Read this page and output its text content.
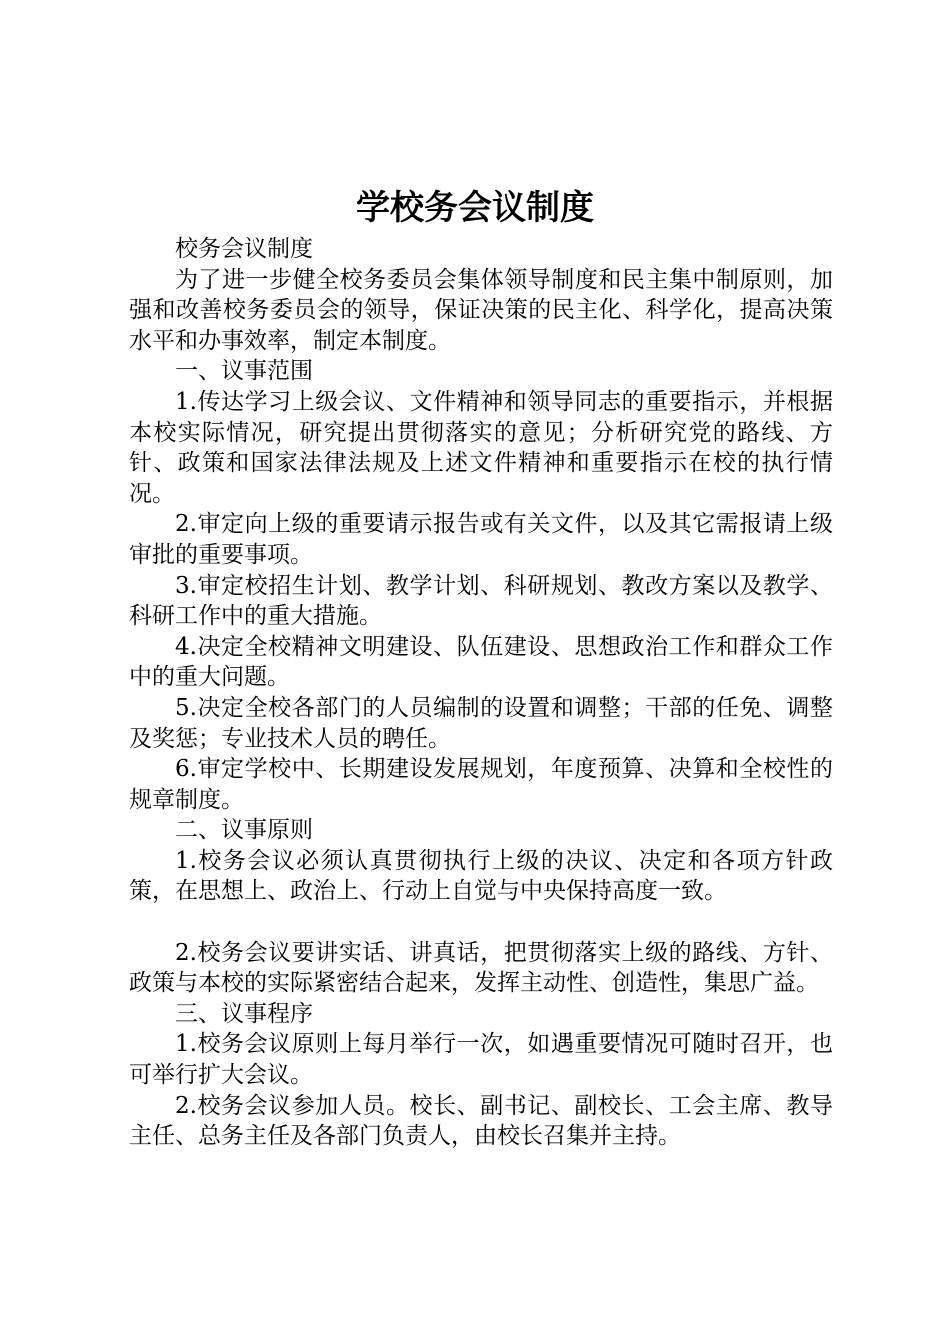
学校务会议制度

校务会议制度

为了进一步健全校务委员会集体领导制度和民主集中制原则，加强和改善校务委员会的领导，保证决策的民主化、科学化，提高决策水平和办事效率，制定本制度。

一、议事范围

1.传达学习上级会议、文件精神和领导同志的重要指示，并根据本校实际情况，研究提出贯彻落实的意见；分析研究党的路线、方针、政策和国家法律法规及上述文件精神和重要指示在校的执行情况。

2.审定向上级的重要请示报告或有关文件，以及其它需报请上级审批的重要事项。

3.审定校招生计划、教学计划、科研规划、教改方案以及教学、科研工作中的重大措施。

4.决定全校精神文明建设、队伍建设、思想政治工作和群众工作中的重大问题。

5.决定全校各部门的人员编制的设置和调整；干部的任免、调整及奖惩；专业技术人员的聘任。

6.审定学校中、长期建设发展规划，年度预算、决算和全校性的规章制度。

二、议事原则

1.校务会议必须认真贯彻执行上级的决议、决定和各项方针政策，在思想上、政治上、行动上自觉与中央保持高度一致。

2.校务会议要讲实话、讲真话，把贯彻落实上级的路线、方针、政策与本校的实际紧密结合起来，发挥主动性、创造性，集思广益。

三、议事程序

1.校务会议原则上每月举行一次，如遇重要情况可随时召开，也可举行扩大会议。

2.校务会议参加人员。校长、副书记、副校长、工会主席、教导主任、总务主任及各部门负责人，由校长召集并主持。
